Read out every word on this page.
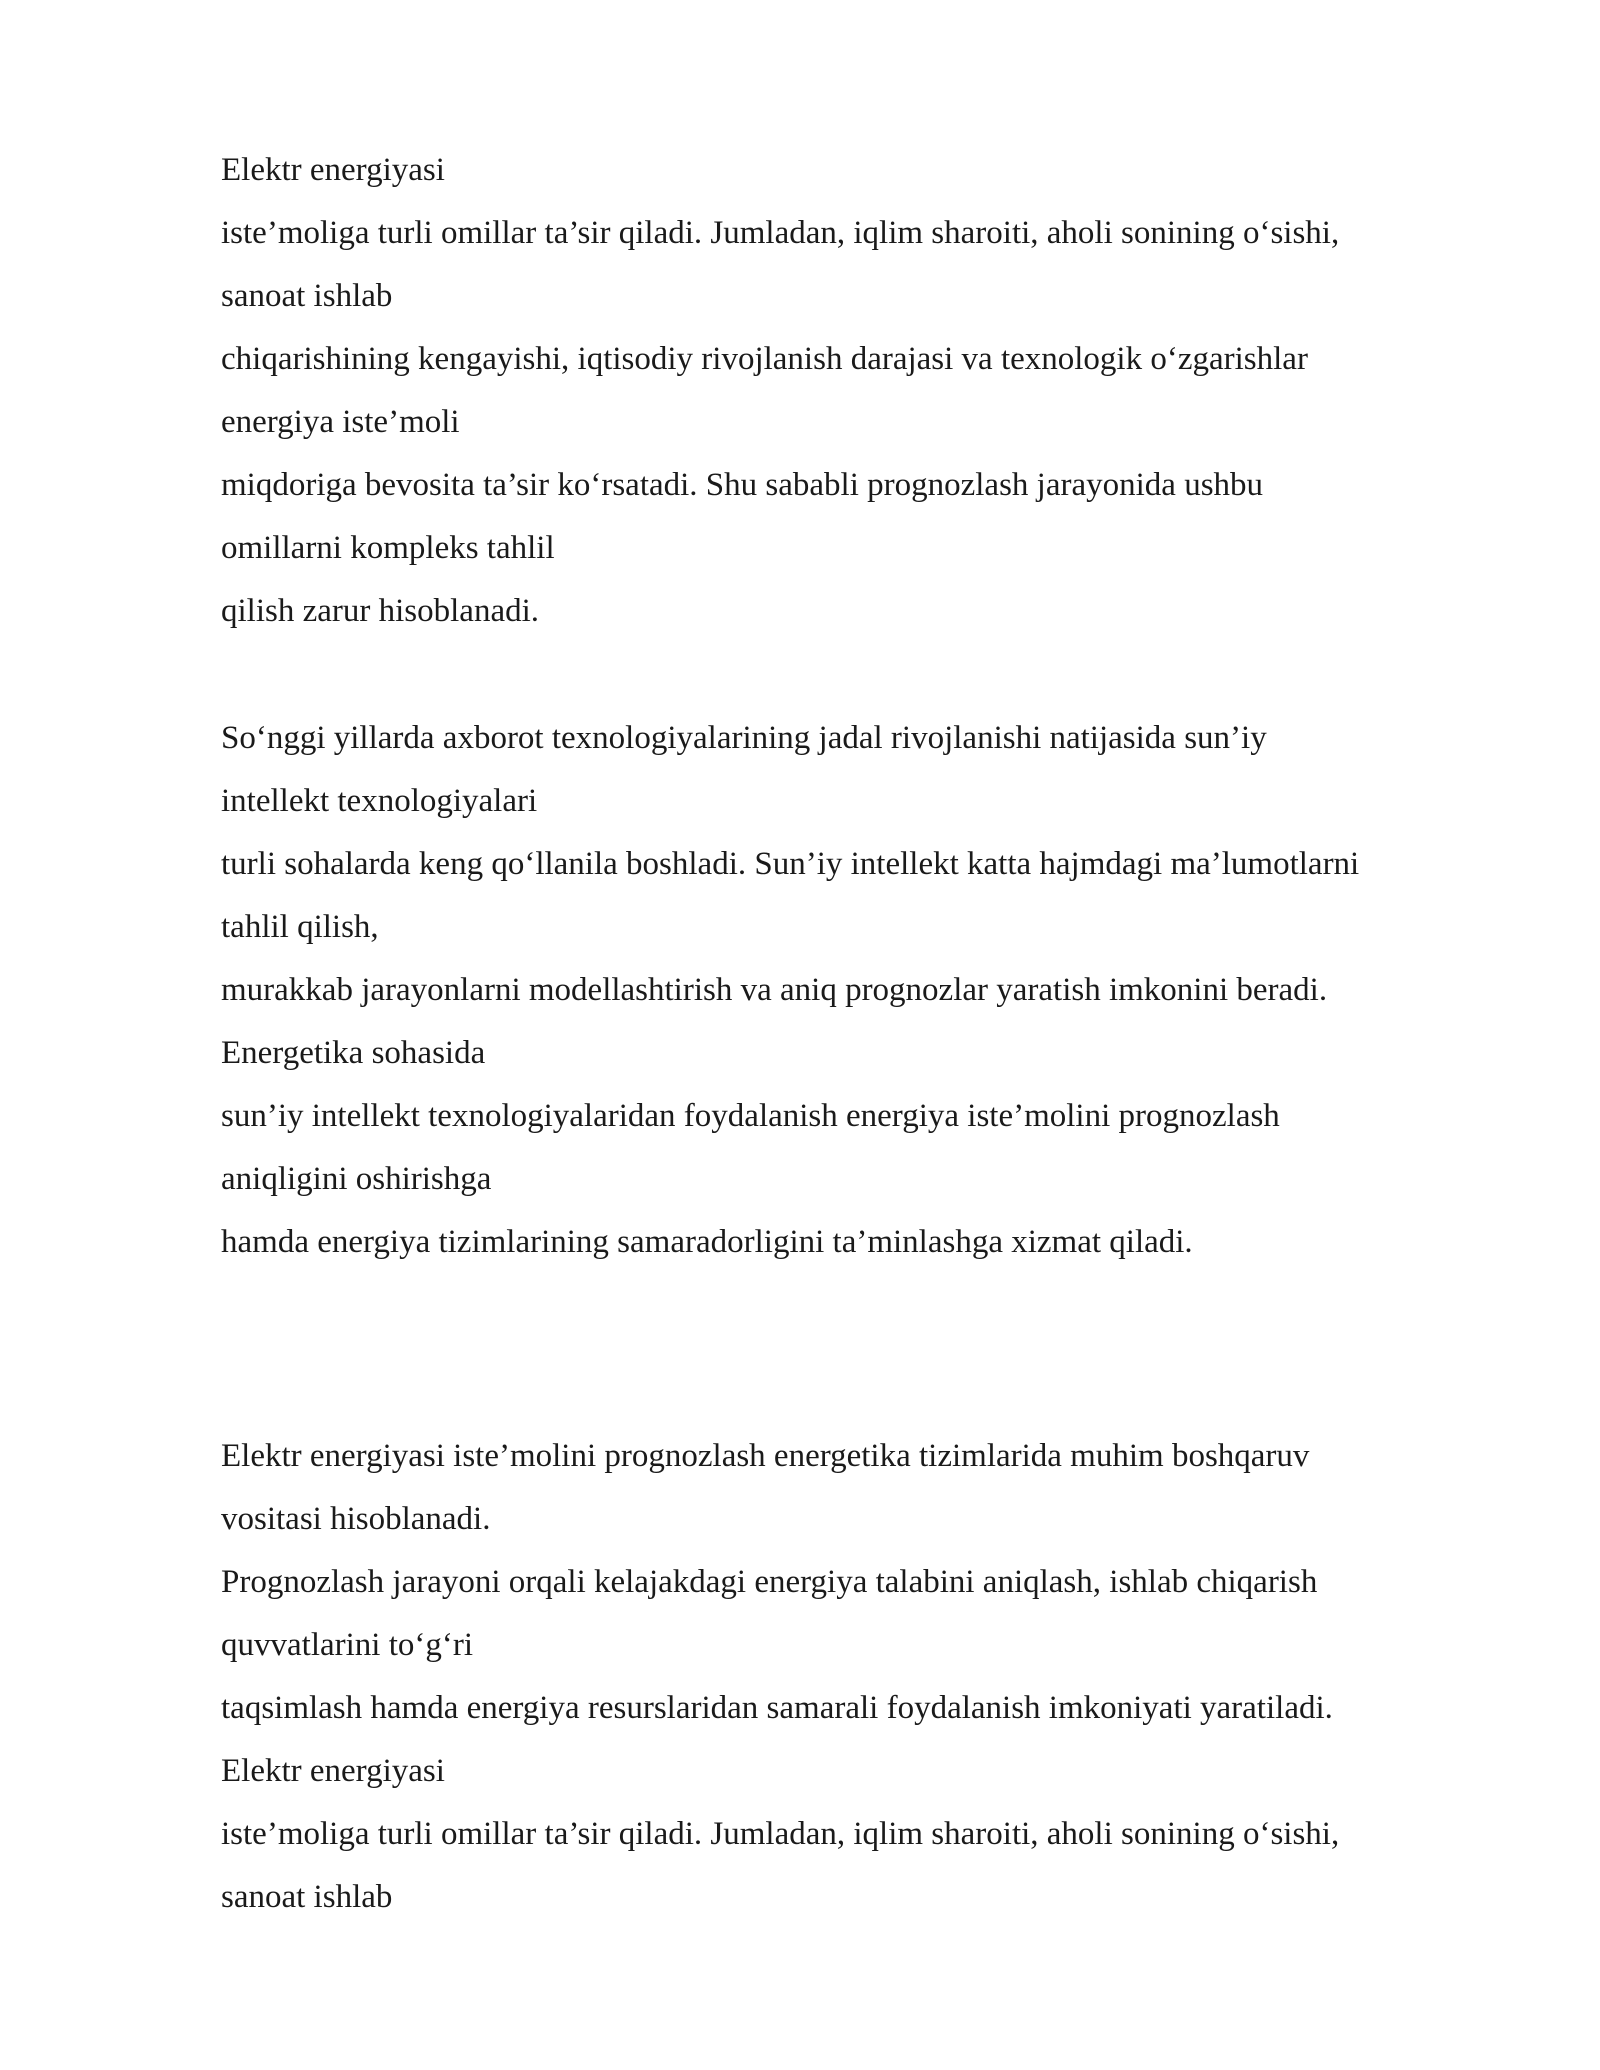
Elektr energiyasi
iste’moliga turli omillar ta’sir qiladi. Jumladan, iqlim sharoiti, aholi sonining o‘sishi,
sanoat ishlab
chiqarishining kengayishi, iqtisodiy rivojlanish darajasi va texnologik o‘zgarishlar
energiya iste’moli
miqdoriga bevosita ta’sir ko‘rsatadi. Shu sababli prognozlash jarayonida ushbu
omillarni kompleks tahlil
qilish zarur hisoblanadi.
So‘nggi yillarda axborot texnologiyalarining jadal rivojlanishi natijasida sun’iy
intellekt texnologiyalari
turli sohalarda keng qo‘llanila boshladi. Sun’iy intellekt katta hajmdagi ma’lumotlarni
tahlil qilish,
murakkab jarayonlarni modellashtirish va aniq prognozlar yaratish imkonini beradi.
Energetika sohasida
sun’iy intellekt texnologiyalaridan foydalanish energiya iste’molini prognozlash
aniqligini oshirishga
hamda energiya tizimlarining samaradorligini ta’minlashga xizmat qiladi.
Elektr energiyasi iste’molini prognozlash energetika tizimlarida muhim boshqaruv
vositasi hisoblanadi.
Prognozlash jarayoni orqali kelajakdagi energiya talabini aniqlash, ishlab chiqarish
quvvatlarini to‘g‘ri
taqsimlash hamda energiya resurslaridan samarali foydalanish imkoniyati yaratiladi.
Elektr energiyasi
iste’moliga turli omillar ta’sir qiladi. Jumladan, iqlim sharoiti, aholi sonining o‘sishi,
sanoat ishlab
